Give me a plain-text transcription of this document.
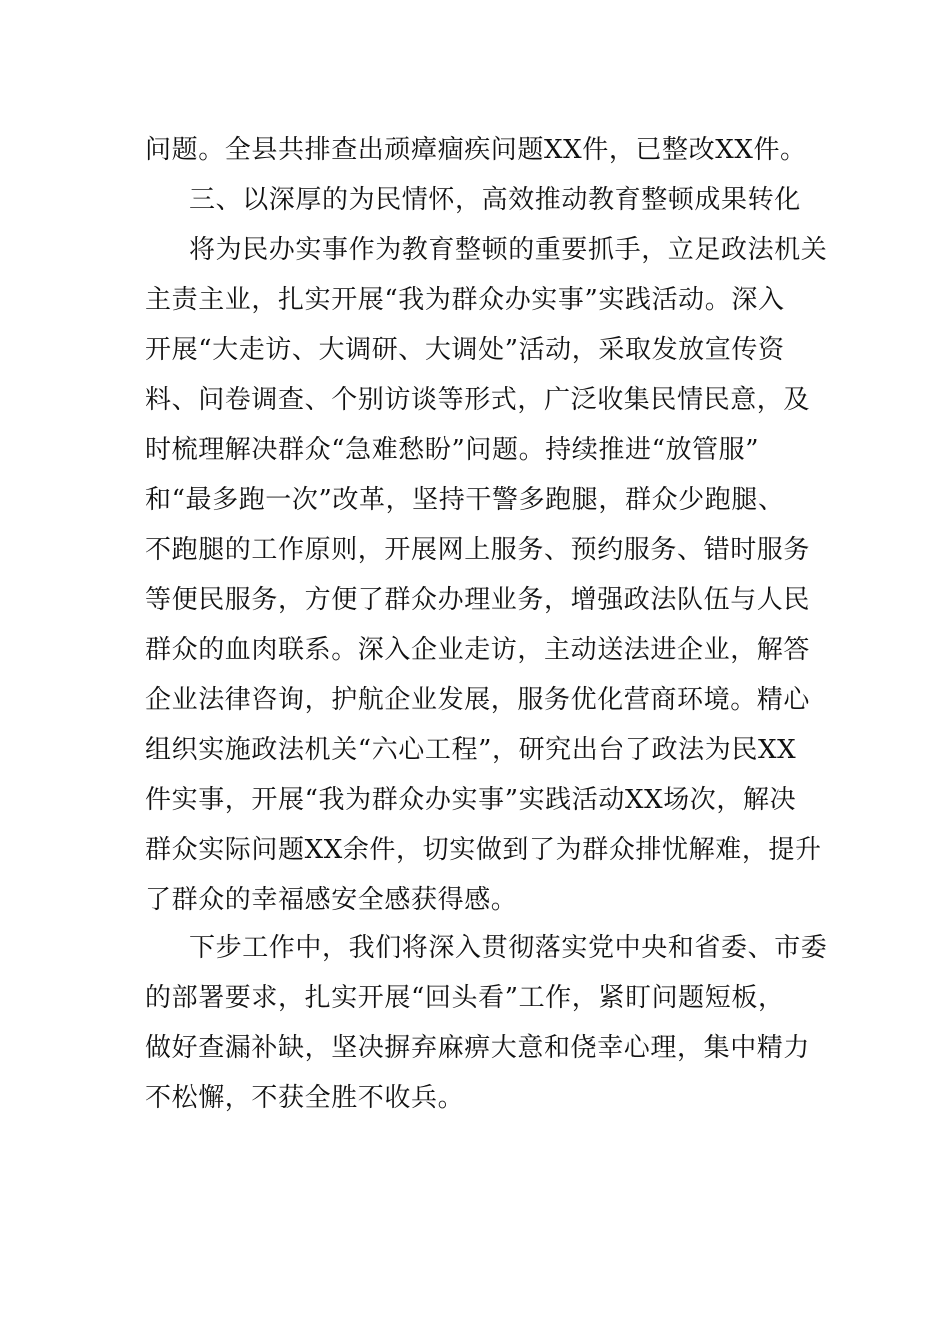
问题。全县共排查出顽瘴痼疾问题XX件，已整改XX件。
三、以深厚的为民情怀，高效推动教育整顿成果转化
将为民办实事作为教育整顿的重要抓手，立足政法机关
主责主业，扎实开展“我为群众办实事”实践活动。深入
开展“大走访、大调研、大调处”活动，采取发放宣传资
料、问卷调查、个别访谈等形式，广泛收集民情民意，及
时梳理解决群众“急难愁盼”问题。持续推进“放管服”
和“最多跑一次”改革，坚持干警多跑腿，群众少跑腿、
不跑腿的工作原则，开展网上服务、预约服务、错时服务
等便民服务，方便了群众办理业务，增强政法队伍与人民
群众的血肉联系。深入企业走访，主动送法进企业，解答
企业法律咨询，护航企业发展，服务优化营商环境。精心
组织实施政法机关“六心工程”，研究出台了政法为民XX
件实事，开展“我为群众办实事”实践活动XX场次，解决
群众实际问题XX余件，切实做到了为群众排忧解难，提升
了群众的幸福感安全感获得感。
下步工作中，我们将深入贯彻落实党中央和省委、市委
的部署要求，扎实开展“回头看”工作，紧盯问题短板，
做好查漏补缺，坚决摒弃麻痹大意和侥幸心理，集中精力
不松懈，不获全胜不收兵。
